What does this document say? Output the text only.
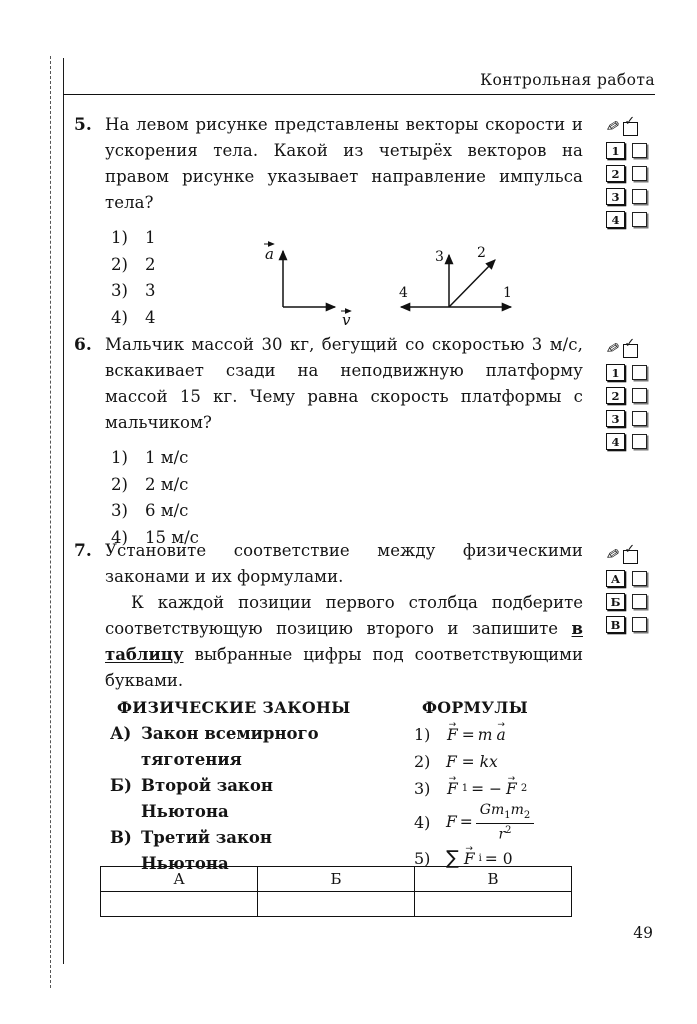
Контрольная работа
5. На левом рисунке представлены векторы скорости и ускорения тела. Какой из четырёх векторов на правом рисунке указывает направление импульса тела?
1)	1
2)	2
3)	3
4)	4
a
v
3 2
4	1
✎ ✓
1
2
3
4
6. Мальчик массой 30 кг, бегущий со скоростью 3 м/с, вскакивает сзади на неподвижную платформу массой 15 кг. Чему равна скорость платформы с мальчиком?
1)	1 м/с
2)	2 м/с
3)	6 м/с
4)	15 м/с
✎ ✓
1
2
3
4
7. Установите соответствие между физическими законами и их формулами.

К каждой позиции первого столбца подберите соответствующую позицию второго и запишите в таблицу выбранные цифры под соответствующими буквами.

ФИЗИЧЕСКИЕ ЗАКОНЫ
А) Закон всемирного тяготения
Б) Второй закон Ньютона
В) Третий закон Ньютона
ФОРМУЛЫ
1)	→ F = m → a
2)	F = kx
3)	→ F 1 = − → F 2
4)	$F = \frac{Gm_1m_2}{r^2}$
5) ∑ → F i = 0
✎ ✓
А
Б
В
А	Б	В

49
